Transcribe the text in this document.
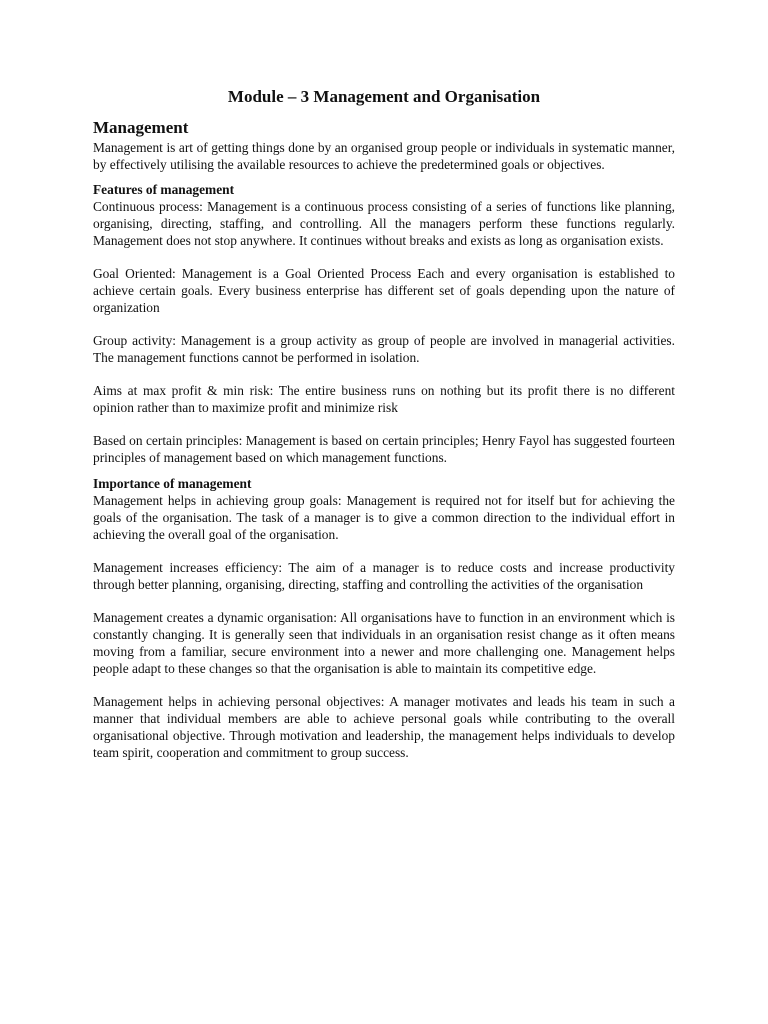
Module – 3 Management and Organisation
Management

Management is art of getting things done by an organised group people or individuals in systematic manner, by effectively utilising the available resources to achieve the predetermined goals or objectives.

Features of management

Continuous process: Management is a continuous process consisting of a series of functions like planning, organising, directing, staffing, and controlling. All the managers perform these functions regularly. Management does not stop anywhere. It continues without breaks and exists as long as organisation exists.

Goal Oriented: Management is a Goal Oriented Process Each and every organisation is established to achieve certain goals. Every business enterprise has different set of goals depending upon the nature of organization

Group activity: Management is a group activity as group of people are involved in managerial activities. The management functions cannot be performed in isolation.

Aims at max profit & min risk: The entire business runs on nothing but its profit there is no different opinion rather than to maximize profit and minimize risk

Based on certain principles: Management is based on certain principles; Henry Fayol has suggested fourteen principles of management based on which management functions.

Importance of management

Management helps in achieving group goals: Management is required not for itself but for achieving the goals of the organisation. The task of a manager is to give a common direction to the individual effort in achieving the overall goal of the organisation.

Management increases efficiency: The aim of a manager is to reduce costs and increase productivity through better planning, organising, directing, staffing and controlling the activities of the organisation

Management creates a dynamic organisation: All organisations have to function in an environment which is constantly changing. It is generally seen that individuals in an organisation resist change as it often means moving from a familiar, secure environment into a newer and more challenging one. Management helps people adapt to these changes so that the organisation is able to maintain its competitive edge.

Management helps in achieving personal objectives: A manager motivates and leads his team in such a manner that individual members are able to achieve personal goals while contributing to the overall organisational objective. Through motivation and leadership, the management helps individuals to develop team spirit, cooperation and commitment to group success.
